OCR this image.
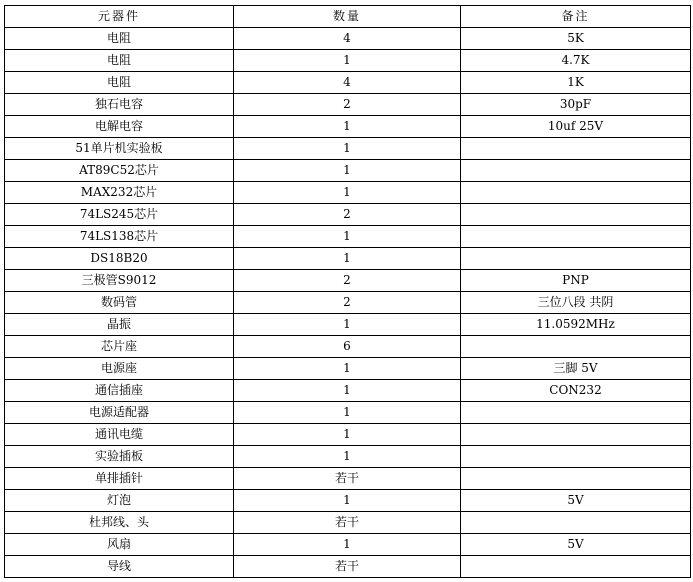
元器件	数量	备注
电阻	4	5K
电阻	1	4.7K
电阻	4	1K
独石电容	2	30pF
电解电容	1	10uf 25V
51单片机实验板	1	
AT89C52芯片	1	
MAX232芯片	1	
74LS245芯片	2	
74LS138芯片	1	
DS18B20	1	
三极管S9012	2	PNP
数码管	2	三位八段 共阴
晶振	1	11.0592MHz
芯片座	6	
电源座	1	三脚 5V
通信插座	1	CON232
电源适配器	1	
通讯电缆	1	
实验插板	1	
单排插针	若干	
灯泡	1	5V
杜邦线、头	若干	
风扇	1	5V
导线	若干	
